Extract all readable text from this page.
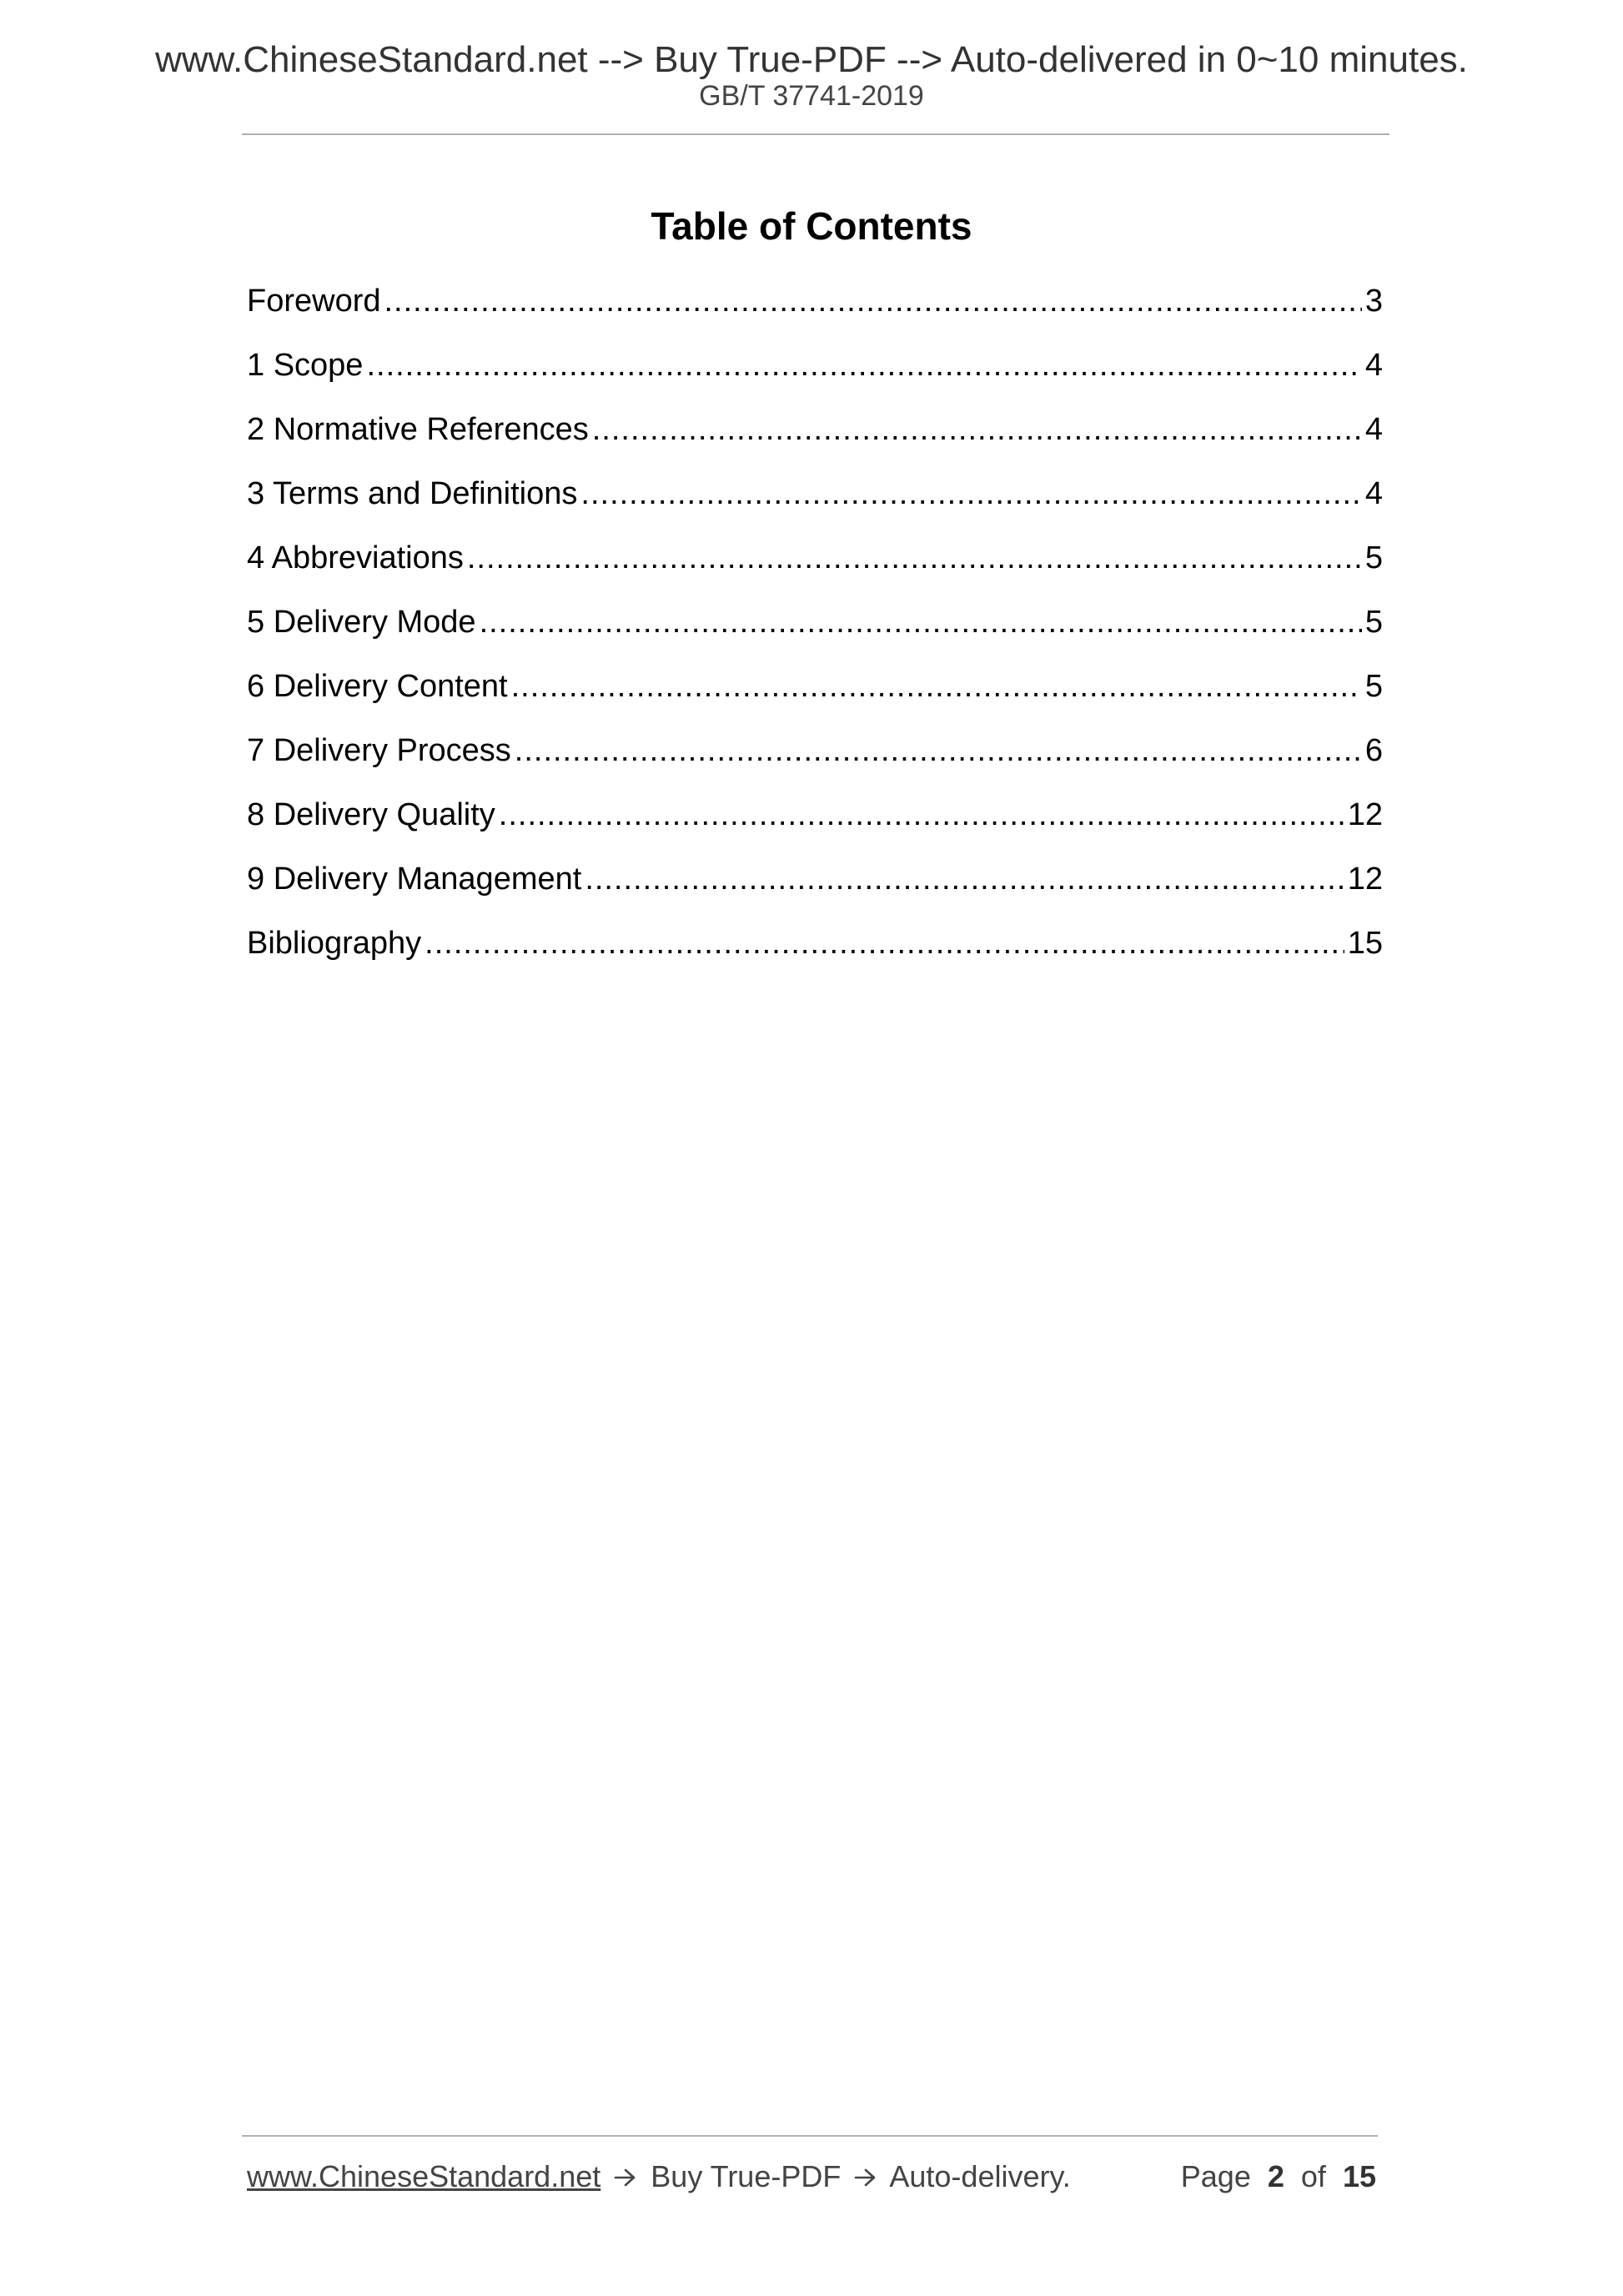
www.ChineseStandard.net --> Buy True-PDF --> Auto-delivered in 0~10 minutes.
GB/T 37741-2019
Table of Contents
Foreword .....	3
1 Scope .....	4
2 Normative References .....	4
3 Terms and Definitions .....	4
4 Abbreviations .....	5
5 Delivery Mode .....	5
6 Delivery Content .....	5
7 Delivery Process .....	6
8 Delivery Quality .....	12
9 Delivery Management .....	12
Bibliography .....	15
www.ChineseStandard.net Buy True-PDF Auto-delivery.	Page 2 of 15
